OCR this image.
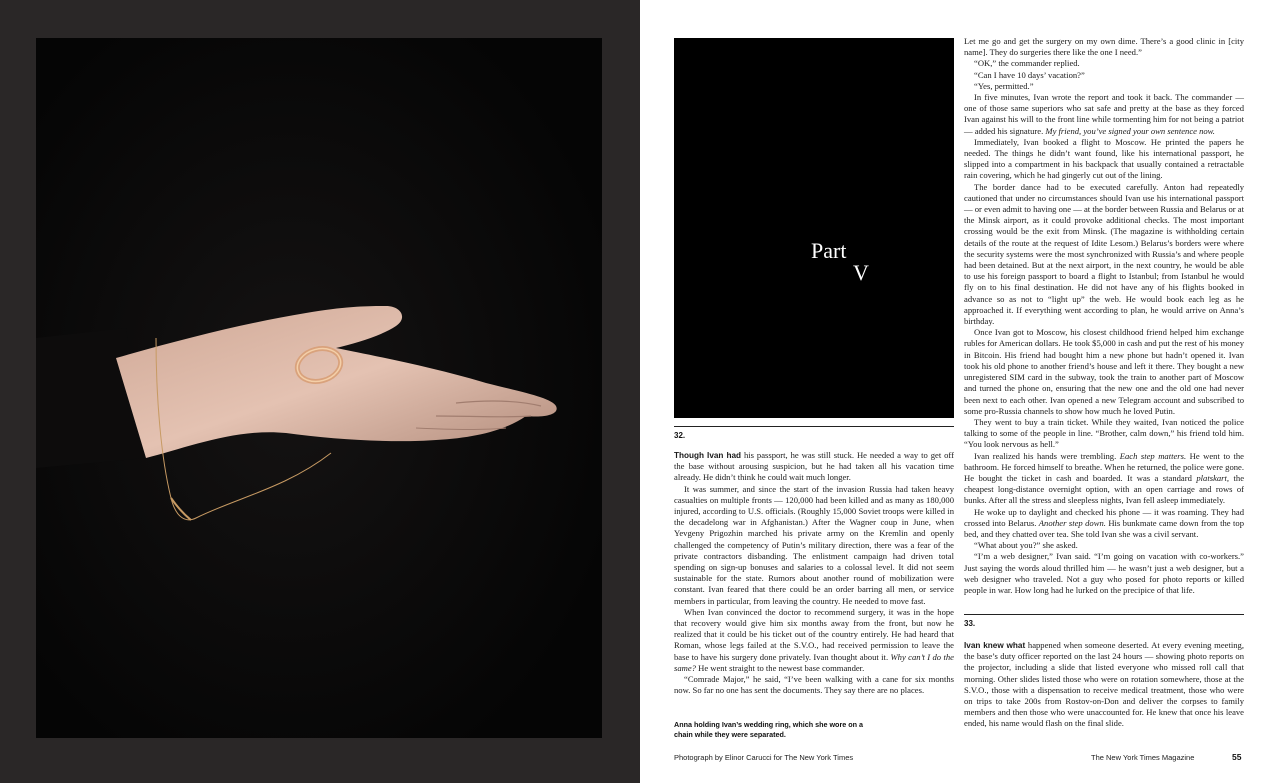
Part
V
32.

Though Ivan had his passport, he was still stuck. He needed a way to get off the base without arousing suspicion, but he had taken all his vacation time already. He didn’t think he could wait much longer.

It was summer, and since the start of the invasion Russia had taken heavy casualties on multiple fronts — 120,000 had been killed and as many as 180,000 injured, according to U.S. officials. (Roughly 15,000 Soviet troops were killed in the decadelong war in Afghanistan.) After the Wagner coup in June, when Yevgeny Prigozhin marched his private army on the Kremlin and openly challenged the competency of Putin’s military direction, there was a fear of the private contractors disbanding. The enlistment campaign had driven total spending on sign-up bonuses and salaries to a colossal level. It did not seem sustainable for the state. Rumors about another round of mobilization were constant. Ivan feared that there could be an order barring all men, or service members in particular, from leaving the country. He needed to move fast.

When Ivan convinced the doctor to recommend surgery, it was in the hope that recovery would give him six months away from the front, but now he realized that it could be his ticket out of the country entirely. He had heard that Roman, whose legs failed at the S.V.O., had received permission to leave the base to have his surgery done privately. Ivan thought about it. Why can’t I do the same? He went straight to the newest base commander.

“Comrade Major,” he said, “I’ve been walking with a cane for six months now. So far no one has sent the documents. They say there are no places.

Anna holding Ivan’s wedding ring, which she wore on a chain while they were separated.

Let me go and get the surgery on my own dime. There’s a good clinic in [city name]. They do surgeries there like the one I need.”

“OK,” the commander replied.

“Can I have 10 days’ vacation?”

“Yes, permitted.”

In five minutes, Ivan wrote the report and took it back. The commander — one of those same superiors who sat safe and pretty at the base as they forced Ivan against his will to the front line while tormenting him for not being a patriot — added his signature. My friend, you’ve signed your own sentence now.

Immediately, Ivan booked a flight to Moscow. He printed the papers he needed. The things he didn’t want found, like his international passport, he slipped into a compartment in his backpack that usually contained a retractable rain covering, which he had gingerly cut out of the lining.

The border dance had to be executed carefully. Anton had repeatedly cautioned that under no circumstances should Ivan use his international passport — or even admit to having one — at the border between Russia and Belarus or at the Minsk airport, as it could provoke additional checks. The most important crossing would be the exit from Minsk. (The magazine is withholding certain details of the route at the request of Idite Lesom.) Belarus’s borders were where the security systems were the most synchronized with Russia’s and where people had been detained. But at the next airport, in the next country, he would be able to use his foreign passport to board a flight to Istanbul; from Istanbul he would fly on to his final destination. He did not have any of his flights booked in advance so as not to “light up” the web. He would book each leg as he approached it. If everything went according to plan, he would arrive on Anna’s birthday.

Once Ivan got to Moscow, his closest childhood friend helped him exchange rubles for American dollars. He took $5,000 in cash and put the rest of his money in Bitcoin. His friend had bought him a new phone but hadn’t opened it. Ivan took his old phone to another friend’s house and left it there. They bought a new unregistered SIM card in the subway, took the train to another part of Moscow and turned the phone on, ensuring that the new one and the old one had never been next to each other. Ivan opened a new Telegram account and subscribed to some pro-Russia channels to show how much he loved Putin.

They went to buy a train ticket. While they waited, Ivan noticed the police talking to some of the people in line. “Brother, calm down,” his friend told him. “You look nervous as hell.”

Ivan realized his hands were trembling. Each step matters. He went to the bathroom. He forced himself to breathe. When he returned, the police were gone. He bought the ticket in cash and boarded. It was a standard platskart, the cheapest long-distance overnight option, with an open carriage and rows of bunks. After all the stress and sleepless nights, Ivan fell asleep immediately.

He woke up to daylight and checked his phone — it was roaming. They had crossed into Belarus. Another step down. His bunkmate came down from the top bed, and they chatted over tea. She told Ivan she was a civil servant.

“What about you?” she asked.

“I’m a web designer,” Ivan said. “I’m going on vacation with co-workers.” Just saying the words aloud thrilled him — he wasn’t just a web designer, but a web designer who traveled. Not a guy who posed for photo reports or killed people in war. How long had he lurked on the precipice of that life.

33.

Ivan knew what happened when someone deserted. At every evening meeting, the base’s duty officer reported on the last 24 hours — showing photo reports on the projector, including a slide that listed everyone who missed roll call that morning. Other slides listed those who were on rotation somewhere, those at the S.V.O., those with a dispensation to receive medical treatment, those who were on trips to take 200s from Rostov-on-Don and deliver the corpses to family members and then those who were unaccounted for. He knew that once his leave ended, his name would flash on the final slide.

Photograph by Elinor Carucci for The New York Times	The New York Times Magazine	55
